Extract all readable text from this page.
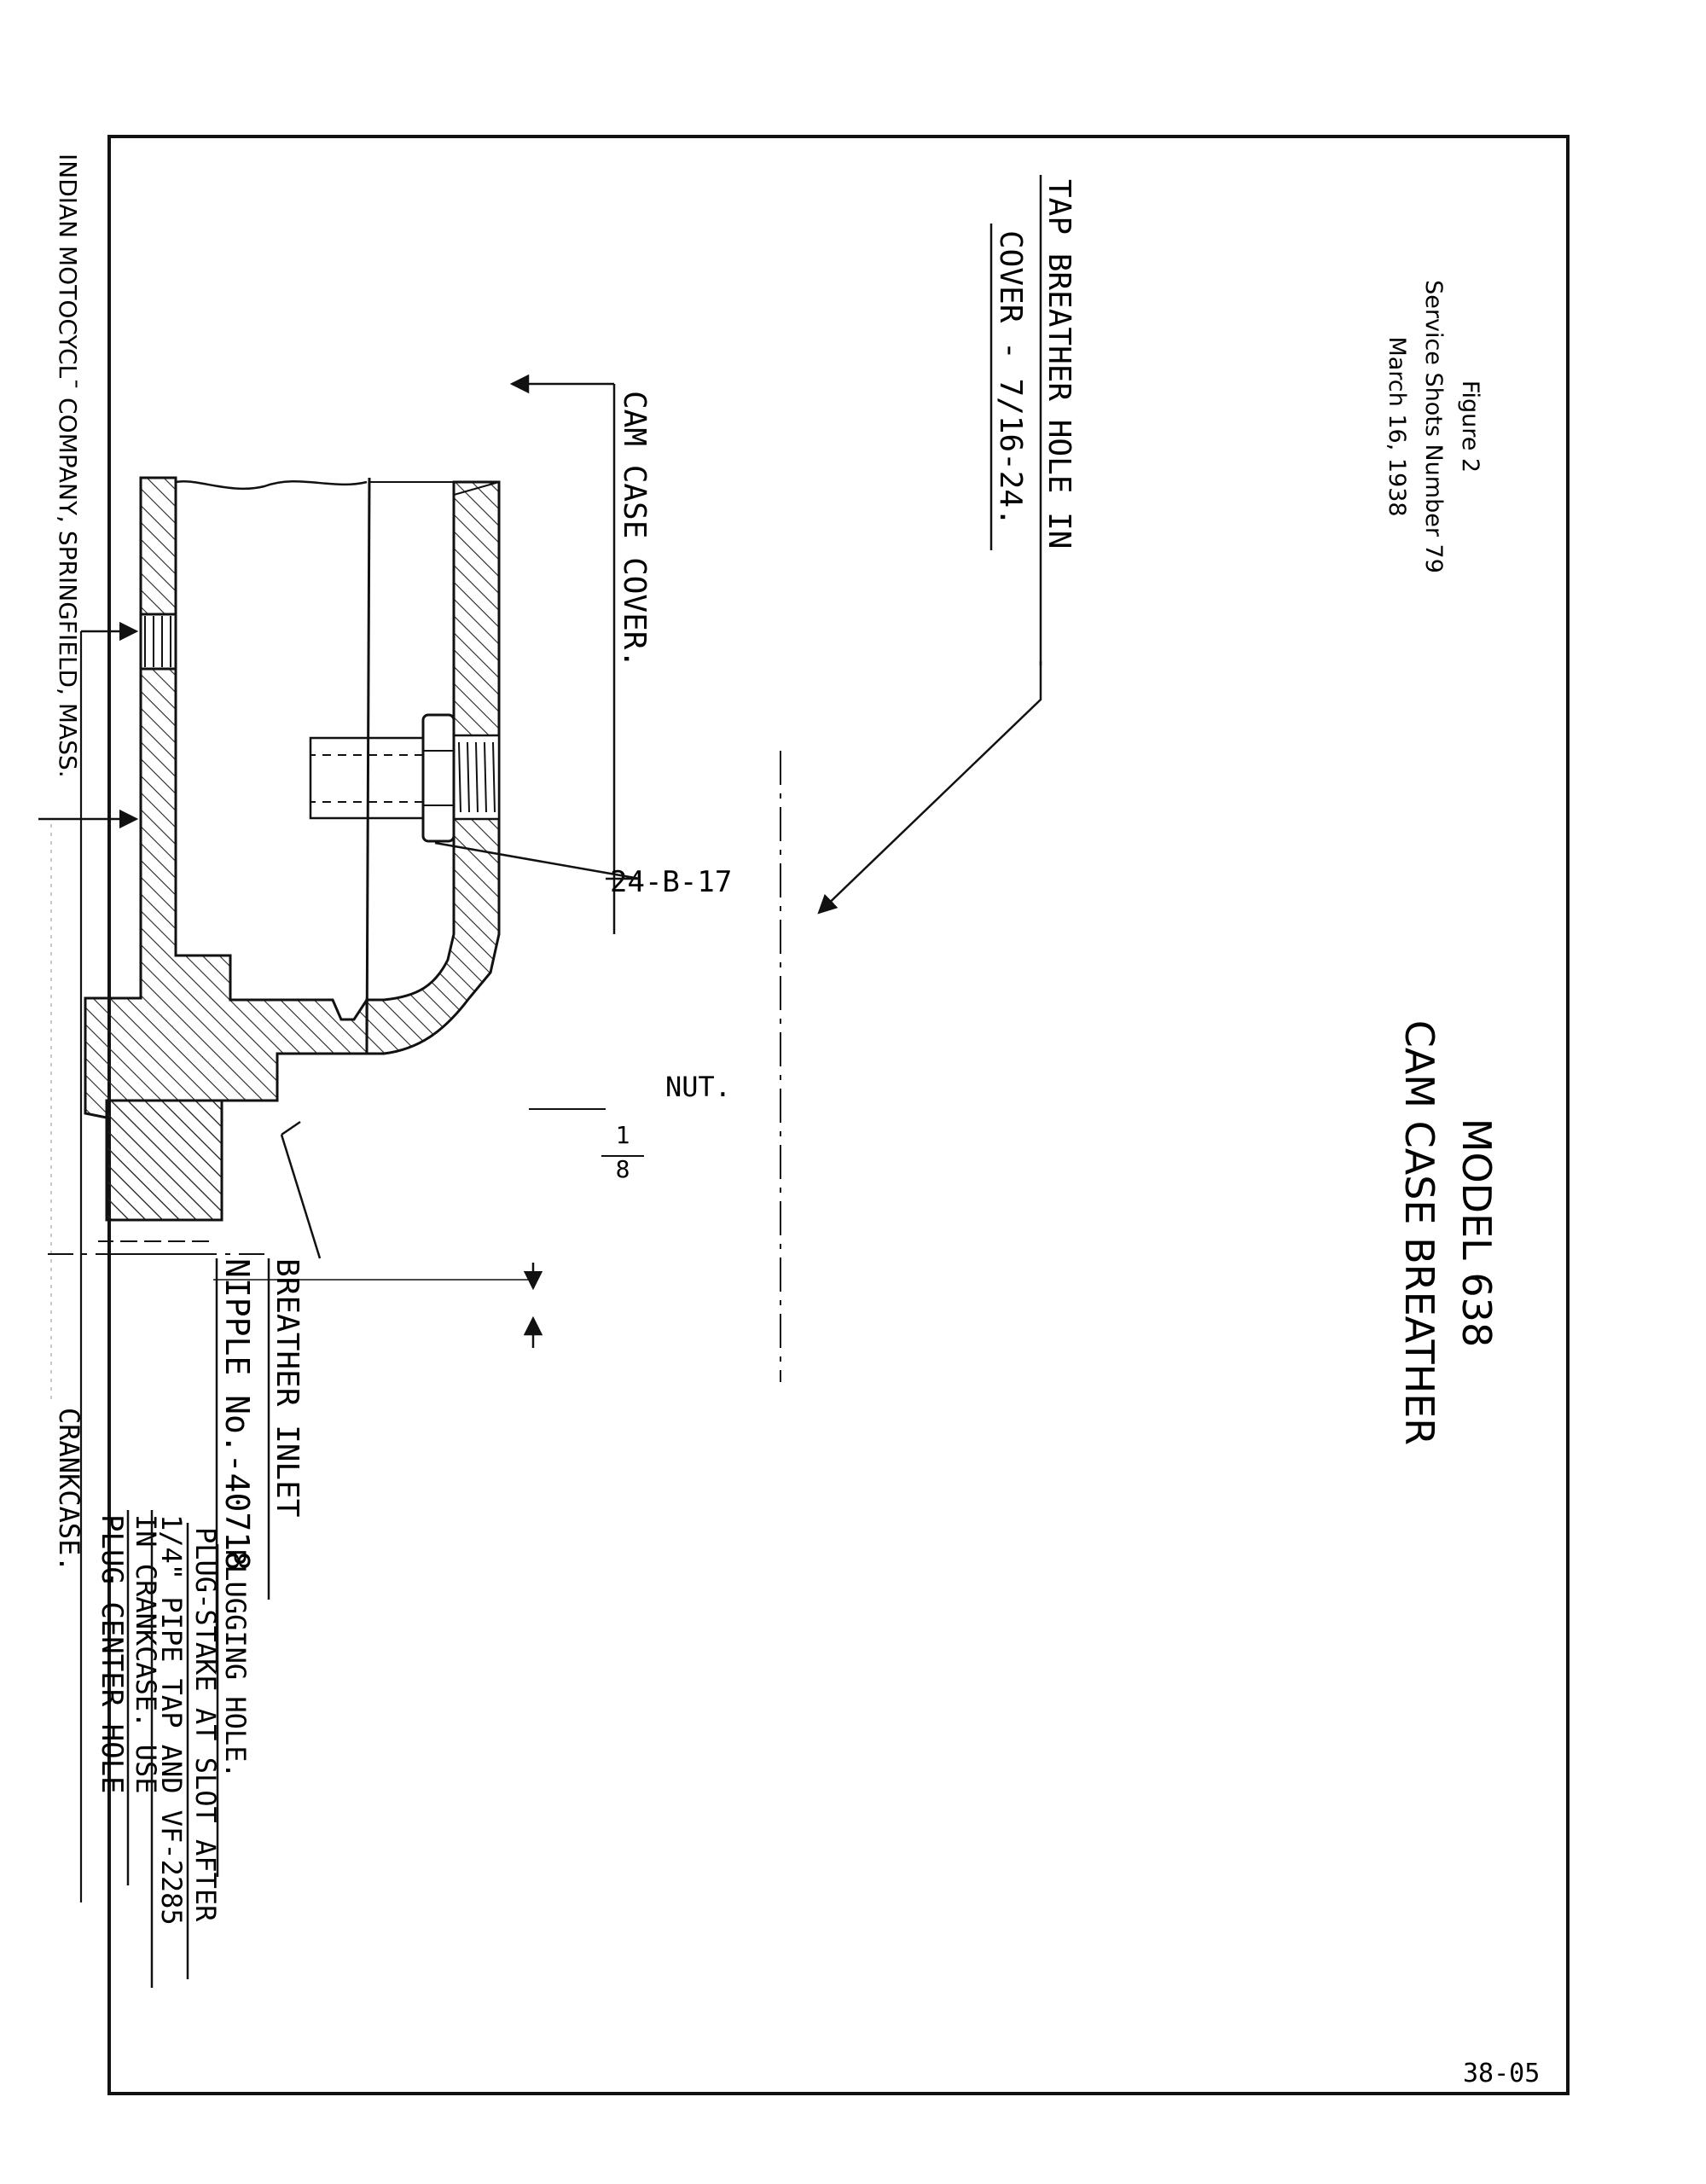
Figure 2
Service Shots Number 79
March 16, 1938
MODEL 638
CAM CASE BREATHER
TAP BREATHER HOLE IN
COVER - 7/16-24.
CAM CASE COVER.
24-B-17
NUT.
1
8
BREATHER INLET
NIPPLE No.-40718
CRANKCASE.
PLUG CENTER HOLE IN CRANKCASE. USE
1/4" PIPE TAP AND VF-2285 PLUG-STAKE AT SLOT AFTER
PLUGGING HOLE.
INDIAN MOTOCYCLˉ COMPANY, SPRINGFIELD, MASS.
38-05
